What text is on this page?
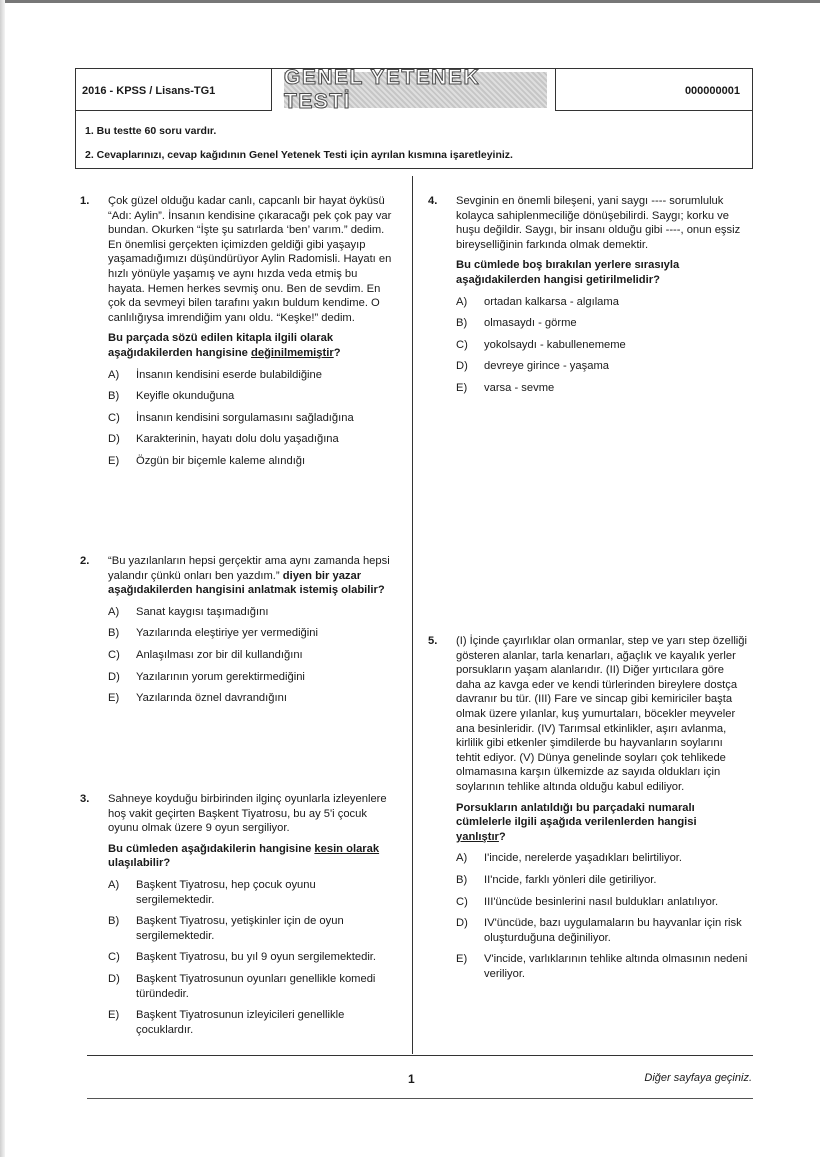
2016 - KPSS / Lisans-TG1
GENEL YETENEK TESTİ	000000001
1. Bu testte 60 soru vardır.
2. Cevaplarınızı, cevap kağıdının Genel Yetenek Testi için ayrılan kısmına işaretleyiniz.
1. Çok güzel olduğu kadar canlı, capcanlı bir hayat öyküsü “Adı: Aylin”. İnsanın kendisine çıkaracağı pek çok pay var bundan. Okurken “İşte şu satırlarda ‘ben’ varım.” dedim. En önemlisi gerçekten içimizden geldiği gibi yaşayıp yaşamadığımızı düşündürüyor Aylin Radomisli. Hayatı en hızlı yönüyle yaşamış ve aynı hızda veda etmiş bu hayata. Hemen herkes sevmiş onu. Ben de sevdim. En çok da sevmeyi bilen tarafını yakın buldum kendime. O canlılığıysa imrendiğim yanı oldu. “Keşke!” dedim.

Bu parçada sözü edilen kitapla ilgili olarak aşağıdakilerden hangisine değinilmemiştir?

A) İnsanın kendisini eserde bulabildiğine
B) Keyifle okunduğuna
C) İnsanın kendisini sorgulamasını sağladığına
D) Karakterinin, hayatı dolu dolu yaşadığına
E) Özgün bir biçemle kaleme alındığı
2. “Bu yazılanların hepsi gerçektir ama aynı zamanda hepsi yalandır çünkü onları ben yazdım.” diyen bir yazar aşağıdakilerden hangisini anlatmak istemiş olabilir?

A) Sanat kaygısı taşımadığını
B) Yazılarında eleştiriye yer vermediğini
C) Anlaşılması zor bir dil kullandığını
D) Yazılarının yorum gerektirmediğini
E) Yazılarında öznel davrandığını
3. Sahneye koyduğu birbirinden ilginç oyunlarla izleyenlere hoş vakit geçirten Başkent Tiyatrosu, bu ay 5'i çocuk oyunu olmak üzere 9 oyun sergiliyor.

Bu cümleden aşağıdakilerin hangisine kesin olarak ulaşılabilir?

A) Başkent Tiyatrosu, hep çocuk oyunu sergilemektedir.
B) Başkent Tiyatrosu, yetişkinler için de oyun sergilemektedir.
C) Başkent Tiyatrosu, bu yıl 9 oyun sergilemektedir.
D) Başkent Tiyatrosunun oyunları genellikle komedi türündedir.
E) Başkent Tiyatrosunun izleyicileri genellikle çocuklardır.
4. Sevginin en önemli bileşeni, yani saygı ---- sorumluluk kolayca sahiplenmeciliğe dönüşebilirdi. Saygı; korku ve huşu değildir. Saygı, bir insanı olduğu gibi ----, onun eşsiz bireyselliğinin farkında olmak demektir.

Bu cümlede boş bırakılan yerlere sırasıyla aşağıdakilerden hangisi getirilmelidir?

A) ortadan kalkarsa - algılama
B) olmasaydı - görme
C) yokolsaydı - kabullenememe
D) devreye girince - yaşama
E) varsa - sevme
5. (I) İçinde çayırlıklar olan ormanlar, step ve yarı step özelliği gösteren alanlar, tarla kenarları, ağaçlık ve kayalık yerler porsukların yaşam alanlarıdır. (II) Diğer yırtıcılara göre daha az kavga eder ve kendi türlerinden bireylere dostça davranır bu tür. (III) Fare ve sincap gibi kemiriciler başta olmak üzere yılanlar, kuş yumurtaları, böcekler meyveler ana besinleridir. (IV) Tarımsal etkinlikler, aşırı avlanma, kirlilik gibi etkenler şimdilerde bu hayvanların soylarını tehtit ediyor. (V) Dünya genelinde soyları çok tehlikede olmamasına karşın ülkemizde az sayıda oldukları için soylarının tehlike altında olduğu kabul ediliyor.

Porsukların anlatıldığı bu parçadaki numaralı cümlelerle ilgili aşağıda verilenlerden hangisi yanlıştır?

A) I'incide, nerelerde yaşadıkları belirtiliyor.
B) II'ncide, farklı yönleri dile getiriliyor.
C) III'üncüde besinlerini nasıl buldukları anlatılıyor.
D) IV'üncüde, bazı uygulamaların bu hayvanlar için risk oluşturduğuna değiniliyor.
E) V'incide, varlıklarının tehlike altında olmasının nedeni veriliyor.
1	Diğer sayfaya geçiniz.
